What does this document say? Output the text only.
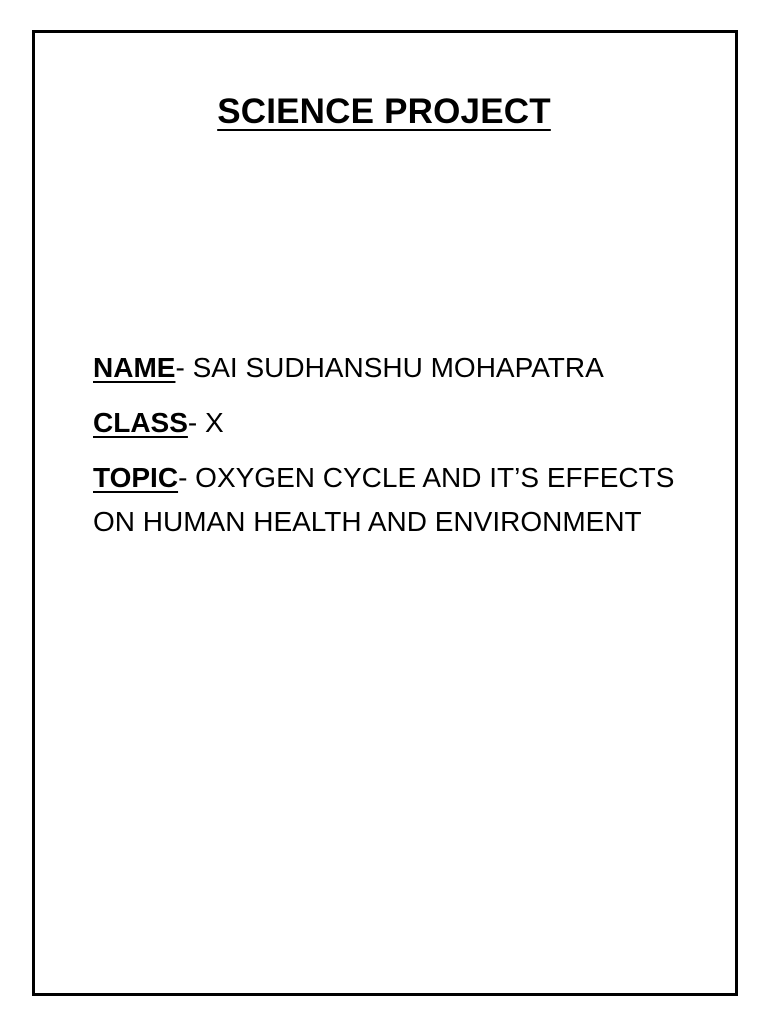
SCIENCE PROJECT
NAME- SAI SUDHANSHU MOHAPATRA
CLASS- X
TOPIC- OXYGEN CYCLE AND IT’S EFFECTS ON HUMAN HEALTH AND ENVIRONMENT
